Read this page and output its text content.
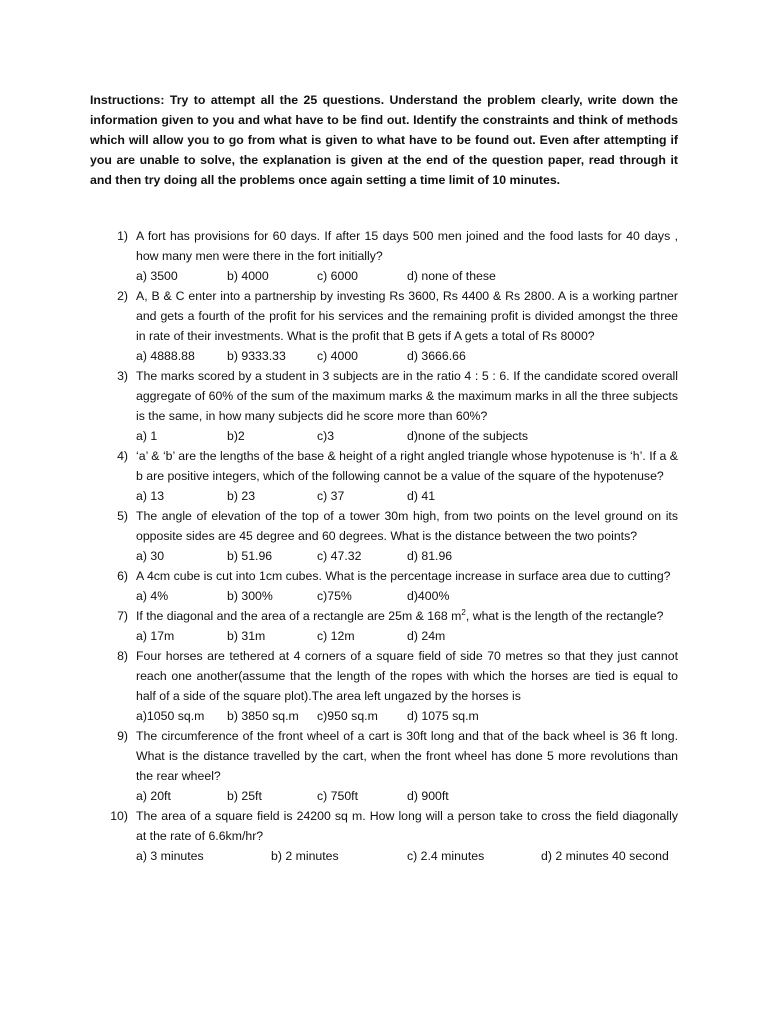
Instructions: Try to attempt all the 25 questions. Understand the problem clearly, write down the information given to you and what have to be find out. Identify the constraints and think of methods which will allow you to go from what is given to what have to be found out. Even after attempting if you are unable to solve, the explanation is given at the end of the question paper, read through it and then try doing all the problems once again setting a time limit of 10 minutes.
1) A fort has provisions for 60 days. If after 15 days 500 men joined and the food lasts for 40 days , how many men were there in the fort initially?
a) 3500	b) 4000	c) 6000	d) none of these
2) A, B & C enter into a partnership by investing Rs 3600, Rs 4400 & Rs 2800. A is a working partner and gets a fourth of the profit for his services and the remaining profit is divided amongst the three in rate of their investments. What is the profit that B gets if A gets a total of Rs 8000?
a) 4888.88	b) 9333.33	c) 4000	d) 3666.66
3) The marks scored by a student in 3 subjects are in the ratio 4 : 5 : 6. If the candidate scored overall aggregate of 60% of the sum of the maximum marks & the maximum marks in all the three subjects is the same, in how many subjects did he score more than 60%?
a) 1	b)2	c)3	d)none of the subjects
4) ‘a’ & ‘b’ are the lengths of the base & height of a right angled triangle whose hypotenuse is ‘h’. If a & b are positive integers, which of the following cannot be a value of the square of the hypotenuse?
a) 13	b) 23	c) 37	d) 41
5) The angle of elevation of the top of a tower 30m high, from two points on the level ground on its opposite sides are 45 degree and 60 degrees. What is the distance between the two points?
a) 30	b) 51.96	c) 47.32	d) 81.96
6) A 4cm cube is cut into 1cm cubes. What is the percentage increase in surface area due to cutting?
a) 4%	b) 300%	c)75%	d)400%
7) If the diagonal and the area of a rectangle are 25m & 168 $m^2$, what is the length of the rectangle?
a) 17m	b) 31m	c) 12m	d) 24m
8) Four horses are tethered at 4 corners of a square field of side 70 metres so that they just cannot reach one another(assume that the length of the ropes with which the horses are tied is equal to half of a side of the square plot).The area left ungazed by the horses is
a)1050 sq.m b) 3850 sq.m c)950 sq.m d) 1075 sq.m
9) The circumference of the front wheel of a cart is 30ft long and that of the back wheel is 36 ft long. What is the distance travelled by the cart, when the front wheel has done 5 more revolutions than the rear wheel?
a) 20ft	b) 25ft	c) 750ft	d) 900ft
10) The area of a square field is 24200 sq m. How long will a person take to cross the field diagonally at the rate of 6.6km/hr?
a) 3 minutes	b) 2 minutes	c) 2.4 minutes	d) 2 minutes 40 second
